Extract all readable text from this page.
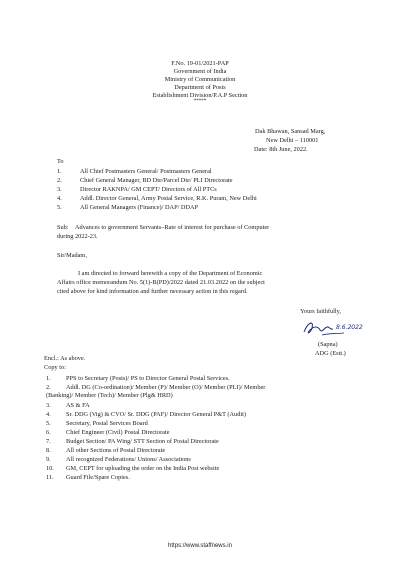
F.No. 19-01/2021-PAP
Government of India
Ministry of Communication
Department of Posts
Establishment Division/P.A.P Section
*****
Dak Bhawan, Sansad Marg,
New Delhi – 110001
Date: 8th June, 2022.
To
1.	All Chief Postmasters General/ Postmasters General
2.	Chief General Manager, BD Dte/Parcel Dte/ PLI Directorate
3.	Director RAKNPA/ GM CEPT/ Directors of All PTCs
4.	Addl. Director General, Army Postal Service, R.K. Puram, New Delhi
5.	All General Managers (Finance)/ DAP/ DDAP
Sub: Advances to government Servants–Rate of interest for purchase of Computer
during 2022-23.
Sir/Madam,
I am directed to forward herewith a copy of the Department of Economic
Affairs office memorandum No. 5(1)-B(PD)/2022 dated 21.03.2022 on the subject
cited above for kind information and further necessary action in this regard.
Yours faithfully,
8.6.2022
(Sapna)
ADG (Estt.)
Encl.: As above.
Copy to:
1. PPS to Secretary (Posts)/ PS to Director General Postal Services.
2. Addl. DG (Co-ordination)/ Member (P)/ Member (O)/ Member (PLI)/ Member
(Banking)/ Member (Tech)/ Member (Plg& HRD)
3. AS & FA
4. Sr. DDG (Vig) & CVO/ Sr. DDG (PAF)/ Director General P&T (Audit)
5. Secretary, Postal Services Board
6. Chief Engineer (Civil) Postal Directorate
7. Budget Section/ PA Wing/ STT Section of Postal Directorate
8. All other Sections of Postal Directorate
9. All recognized Federations/ Unions/ Associations
10. GM, CEPT for uploading the order on the India Post website
11. Guard File/Spare Copies.
https://www.staffnews.in
